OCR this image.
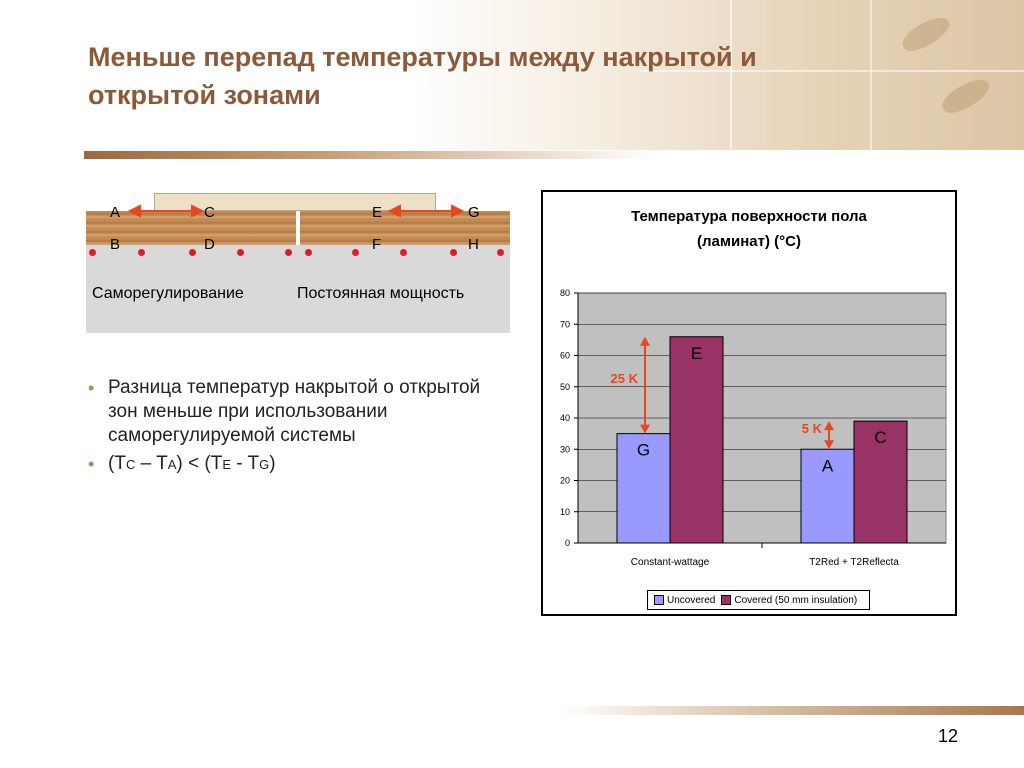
Меньше перепад температуры между накрытой и открытой зонами
A	C	E	G
B	D	F	H
Саморегулирование	Постоянная мощность
• Разница температур накрытой о открытой зон меньше при использовании саморегулируемой системы
• (TC – TA) < (TE - TG)
Температура поверхности пола
(ламинат) (°C)
0
10
20
30
40
50
60
70
80
Constant-wattage	T2Red + T2Reflecta
G
A
E
C
25 K
5 K
Uncovered Covered (50 mm insulation)
12
